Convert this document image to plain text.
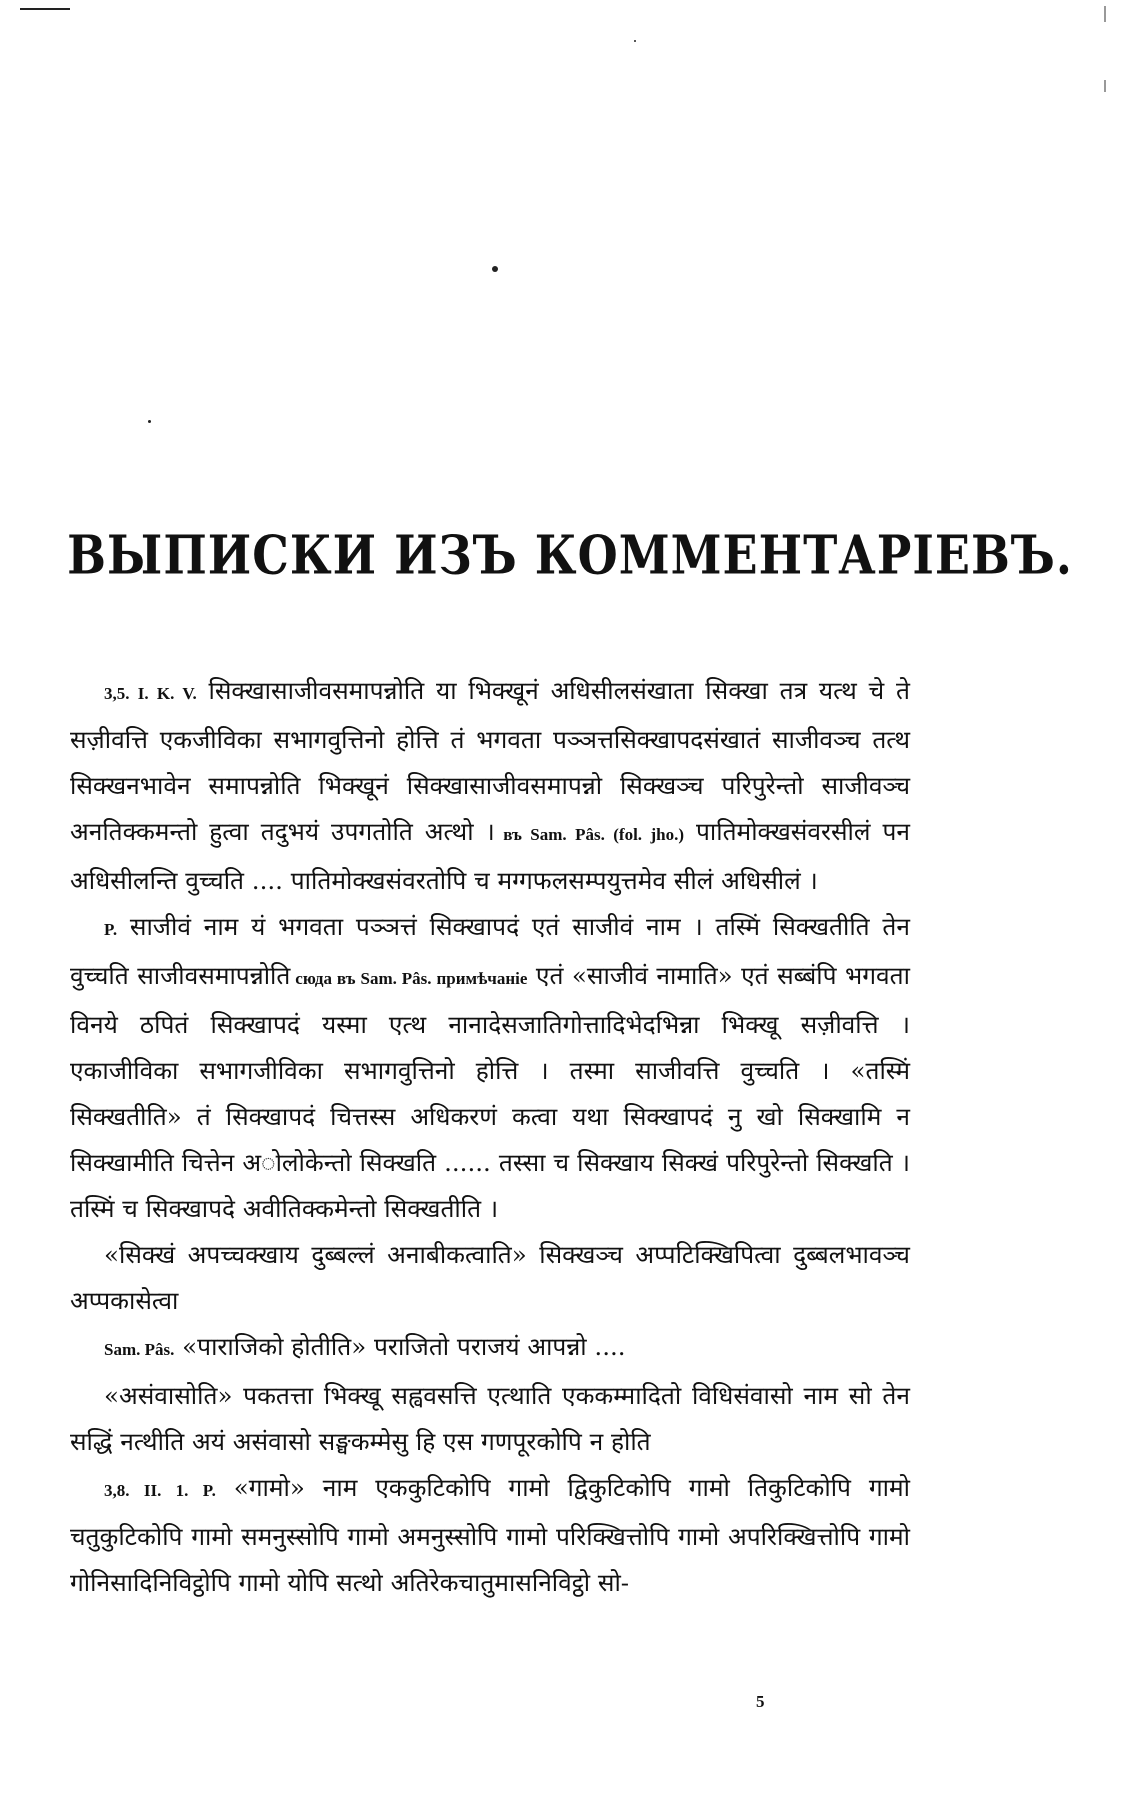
ВЫПИСКИ ИЗЪ КОММЕНТАРІЕВЪ.

3,5. I. K. V. सिक्खासाजीवसमापन्नोति या भिक्खूनं अधिसीलसंखाता सिक्खा तत्र यत्थ चे ते सज़ीवत्ति एकजीविका सभागवुत्तिनो होत्ति तं भगवता पञ्ञत्तसिक्खापदसंखातं साजीवञ्च तत्थ सिक्खनभावेन समापन्नोति भिक्खूनं सिक्खासाजीवसमापन्नो सिक्खञ्च परिपुरेन्तो साजीवञ्च अनतिक्कमन्तो हुत्वा तदुभयं उपगतोति अत्थो । въ Sam. Pâs. (fol. jho.) पातिमोक्खसंवरसीलं पन अधिसीलन्ति वुच्चति .... पातिमोक्खसंवरतोपि च मग्गफलसम्पयुत्तमेव सीलं अधिसीलं ।

P. साजीवं नाम यं भगवता पञ्ञत्तं सिक्खापदं एतं साजीवं नाम । तस्मिं सिक्खतीति तेन वुच्चति साजीवसमापन्नोति сюда въ Sam. Pâs. примѣчаніе एतं «साजीवं नामाति» एतं सब्बंपि भगवता विनये ठपितं सिक्खापदं यस्मा एत्थ नानादेसजातिगोत्तादिभेदभिन्ना भिक्खू सज़ीवत्ति । एकाजीविका सभागजीविका सभागवुत्तिनो होत्ति । तस्मा साजीवत्ति वुच्चति । «तस्मिं सिक्खतीति» तं सिक्खापदं चित्तस्स अधिकरणं कत्वा यथा सिक्खापदं नु खो सिक्खामि न सिक्खामीति चित्तेन अोलोकेन्तो सिक्खति ...... तस्सा च सिक्खाय सिक्खं परिपुरेन्तो सिक्खति । तस्मिं च सिक्खापदे अवीतिक्कमेन्तो सिक्खतीति ।

«सिक्खं अपच्चक्खाय दुब्बल्लं अनाबीकत्वाति» सिक्खञ्च अप्पटिक्खिपित्वा दुब्बलभावञ्च अप्पकासेत्वा

Sam. Pâs. «पाराजिको होतीति» पराजितो पराजयं आपन्नो ....

«असंवासोति» पकतत्ता भिक्खू सह्ववसत्ति एत्थाति एककम्मादितो विधिसंवासो नाम सो तेन सद्धिं नत्थीति अयं असंवासो सङ्घकम्मेसु हि एस गणपूरकोपि न होति

3,8. II. 1. P. «गामो» नाम एककुटिकोपि गामो द्विकुटिकोपि गामो तिकुटिकोपि गामो चतुकुटिकोपि गामो समनुस्सोपि गामो अमनुस्सोपि गामो परिक्खित्तोपि गामो अपरिक्खित्तोपि गामो गोनिसादिनिविट्ठोपि गामो योपि सत्थो अतिरेकचातुमासनिविट्ठो सो-

5
